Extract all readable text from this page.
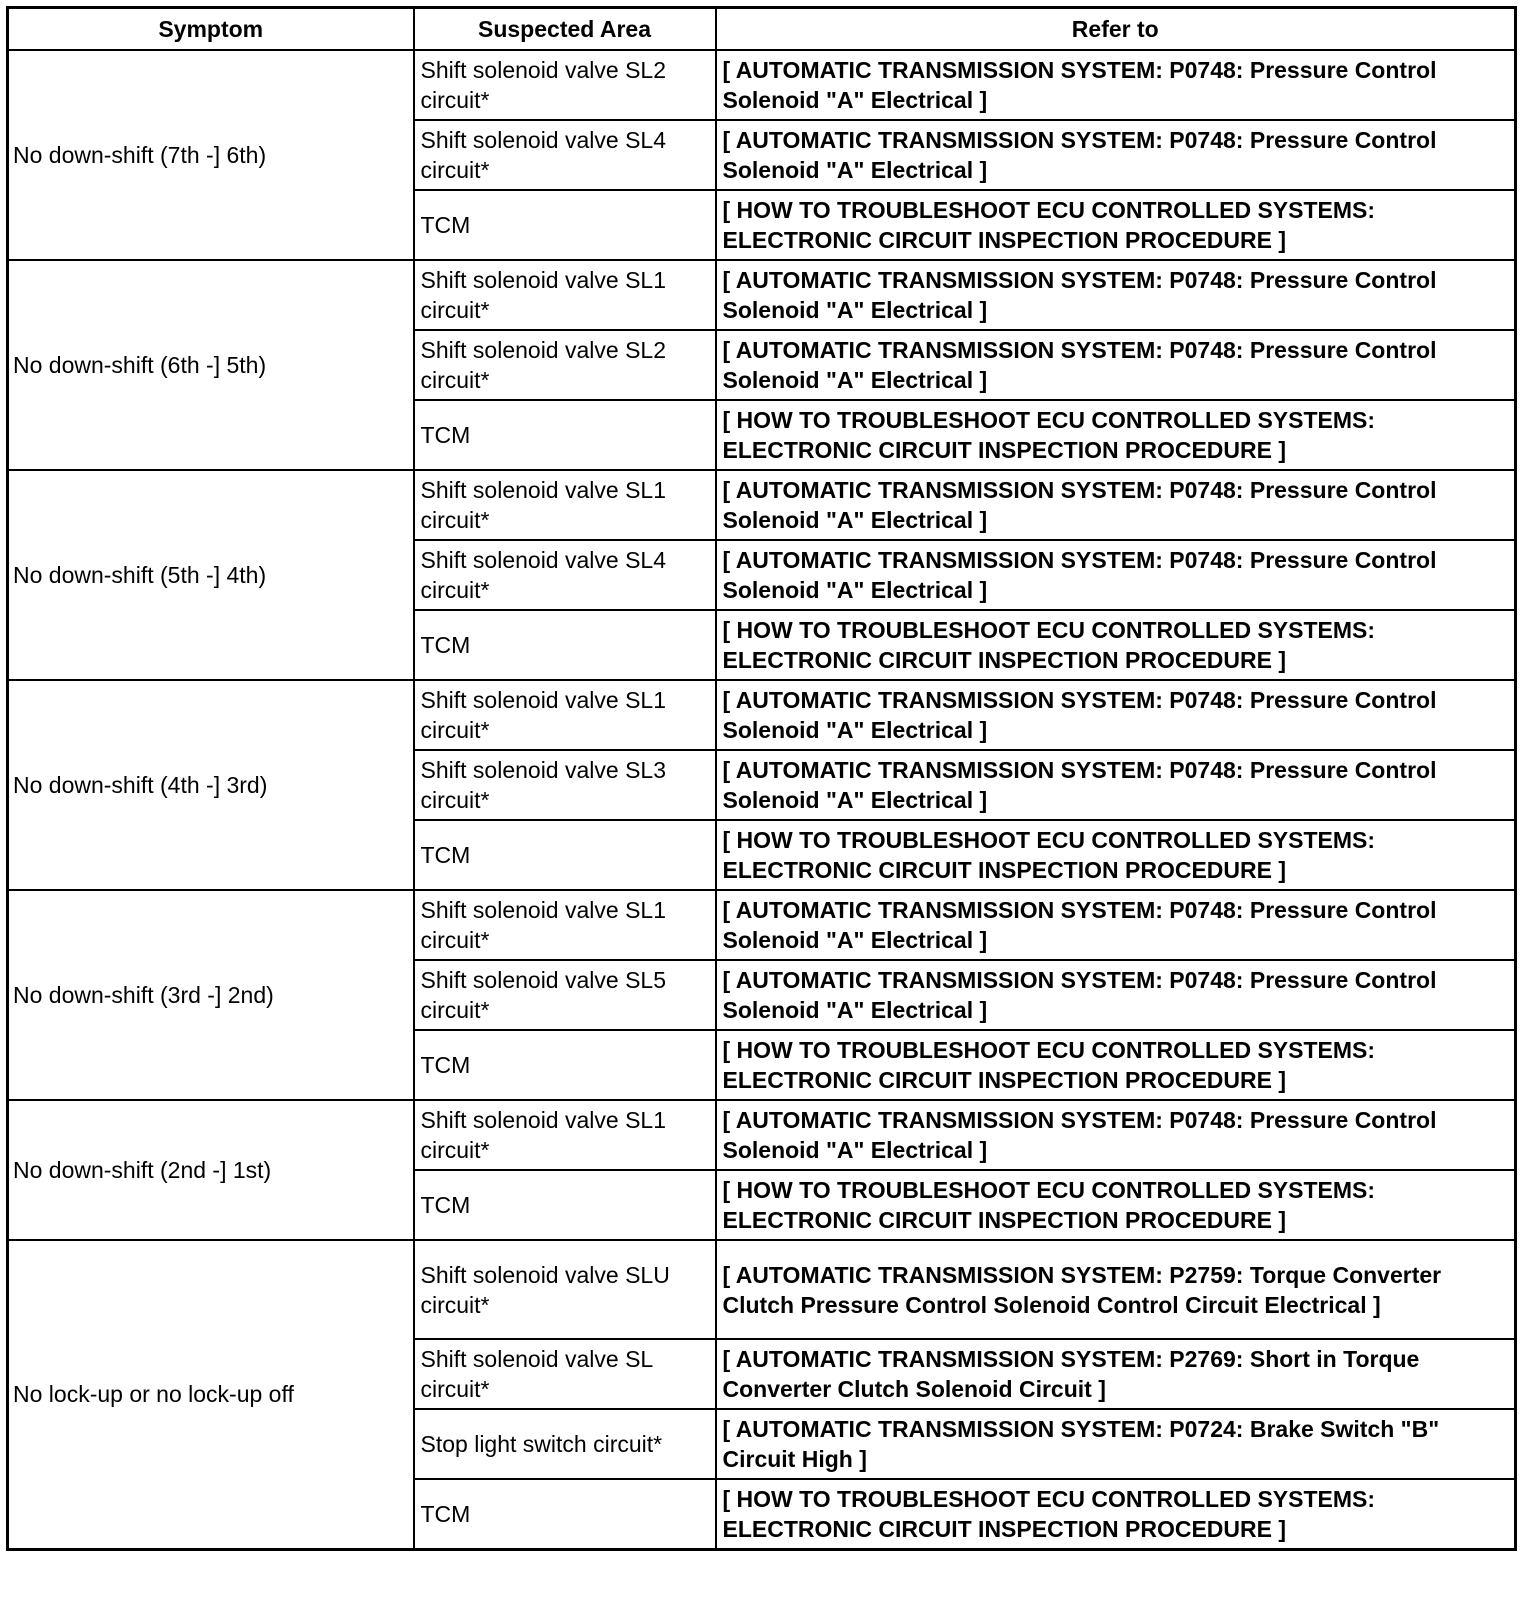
Symptom	Suspected Area	Refer to
No down-shift (7th -] 6th)	Shift solenoid valve SL2 circuit*	[ AUTOMATIC TRANSMISSION SYSTEM: P0748: Pressure Control Solenoid "A" Electrical ]
	Shift solenoid valve SL4 circuit*	[ AUTOMATIC TRANSMISSION SYSTEM: P0748: Pressure Control Solenoid "A" Electrical ]
	TCM	[ HOW TO TROUBLESHOOT ECU CONTROLLED SYSTEMS: ELECTRONIC CIRCUIT INSPECTION PROCEDURE ]
No down-shift (6th -] 5th)	Shift solenoid valve SL1 circuit*	[ AUTOMATIC TRANSMISSION SYSTEM: P0748: Pressure Control Solenoid "A" Electrical ]
	Shift solenoid valve SL2 circuit*	[ AUTOMATIC TRANSMISSION SYSTEM: P0748: Pressure Control Solenoid "A" Electrical ]
	TCM	[ HOW TO TROUBLESHOOT ECU CONTROLLED SYSTEMS: ELECTRONIC CIRCUIT INSPECTION PROCEDURE ]
No down-shift (5th -] 4th)	Shift solenoid valve SL1 circuit*	[ AUTOMATIC TRANSMISSION SYSTEM: P0748: Pressure Control Solenoid "A" Electrical ]
	Shift solenoid valve SL4 circuit*	[ AUTOMATIC TRANSMISSION SYSTEM: P0748: Pressure Control Solenoid "A" Electrical ]
	TCM	[ HOW TO TROUBLESHOOT ECU CONTROLLED SYSTEMS: ELECTRONIC CIRCUIT INSPECTION PROCEDURE ]
No down-shift (4th -] 3rd)	Shift solenoid valve SL1 circuit*	[ AUTOMATIC TRANSMISSION SYSTEM: P0748: Pressure Control Solenoid "A" Electrical ]
	Shift solenoid valve SL3 circuit*	[ AUTOMATIC TRANSMISSION SYSTEM: P0748: Pressure Control Solenoid "A" Electrical ]
	TCM	[ HOW TO TROUBLESHOOT ECU CONTROLLED SYSTEMS: ELECTRONIC CIRCUIT INSPECTION PROCEDURE ]
No down-shift (3rd -] 2nd)	Shift solenoid valve SL1 circuit*	[ AUTOMATIC TRANSMISSION SYSTEM: P0748: Pressure Control Solenoid "A" Electrical ]
	Shift solenoid valve SL5 circuit*	[ AUTOMATIC TRANSMISSION SYSTEM: P0748: Pressure Control Solenoid "A" Electrical ]
	TCM	[ HOW TO TROUBLESHOOT ECU CONTROLLED SYSTEMS: ELECTRONIC CIRCUIT INSPECTION PROCEDURE ]
No down-shift (2nd -] 1st)	Shift solenoid valve SL1 circuit*	[ AUTOMATIC TRANSMISSION SYSTEM: P0748: Pressure Control Solenoid "A" Electrical ]
	TCM	[ HOW TO TROUBLESHOOT ECU CONTROLLED SYSTEMS: ELECTRONIC CIRCUIT INSPECTION PROCEDURE ]
No lock-up or no lock-up off	Shift solenoid valve SLU circuit*	[ AUTOMATIC TRANSMISSION SYSTEM: P2759: Torque Converter Clutch Pressure Control Solenoid Control Circuit Electrical ]
	Shift solenoid valve SL circuit*	[ AUTOMATIC TRANSMISSION SYSTEM: P2769: Short in Torque Converter Clutch Solenoid Circuit ]
	Stop light switch circuit*	[ AUTOMATIC TRANSMISSION SYSTEM: P0724: Brake Switch "B" Circuit High ]
	TCM	[ HOW TO TROUBLESHOOT ECU CONTROLLED SYSTEMS: ELECTRONIC CIRCUIT INSPECTION PROCEDURE ]
